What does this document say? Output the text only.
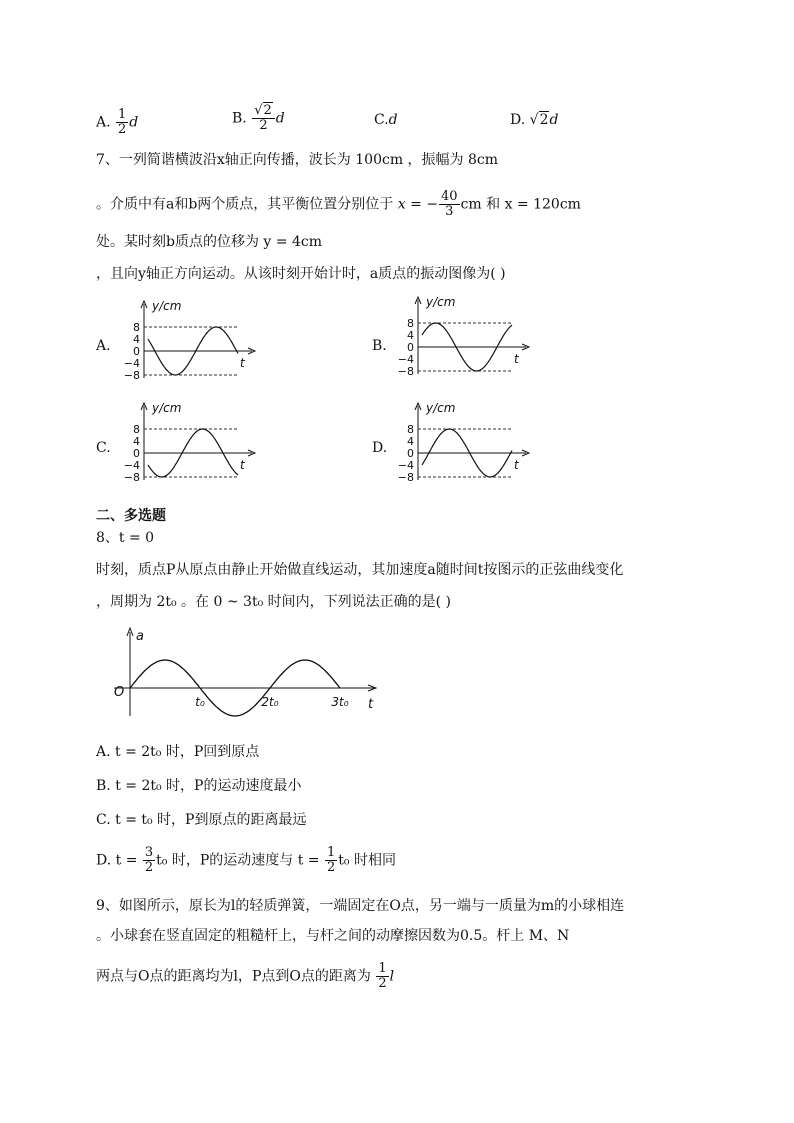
A. $\frac{1}{2}$ d	B. $\frac{√2}{2}$ d	C.d	D. √2d
7、一列简谐横波沿x轴正向传播，波长为 100cm ，振幅为 8cm
。介质中有a和b两个质点，其平衡位置分别位于 x = − $\frac{40}{3}$ cm 和 x = 120cm
处。某时刻b质点的位移为 y = 4cm
，且向y轴正方向运动。从该时刻开始计时，a质点的振动图像为( )
A.
y/cm
t
8
4
0
−4
−8
B.
y/cm
t
8
4
0
−4
−8
C.
y/cm
t
8
4
0
−4
−8
D.
y/cm
t
8
4
0
−4
−8
二、多选题
8、t = 0
时刻，质点P从原点由静止开始做直线运动，其加速度a随时间t按图示的正弦曲线变化
，周期为 2t₀ 。在 0 ~ 3t₀ 时间内，下列说法正确的是( )
a
t
O
t₀	2t₀	3t₀
A. t = 2t₀ 时，P回到原点
B. t = 2t₀ 时，P的运动速度最小
C. t = t₀ 时，P到原点的距离最远
D. $t = \frac{3}{2} t_0$ 时，P的运动速度与 $t = \frac{1}{2} t_0$ 时相同
9、如图所示，原长为l的轻质弹簧，一端固定在O点，另一端与一质量为m的小球相连
。小球套在竖直固定的粗糙杆上，与杆之间的动摩擦因数为0.5。杆上 M、N
两点与O点的距离均为l，P点到O点的距离为 $\frac{1}{2}$ l
